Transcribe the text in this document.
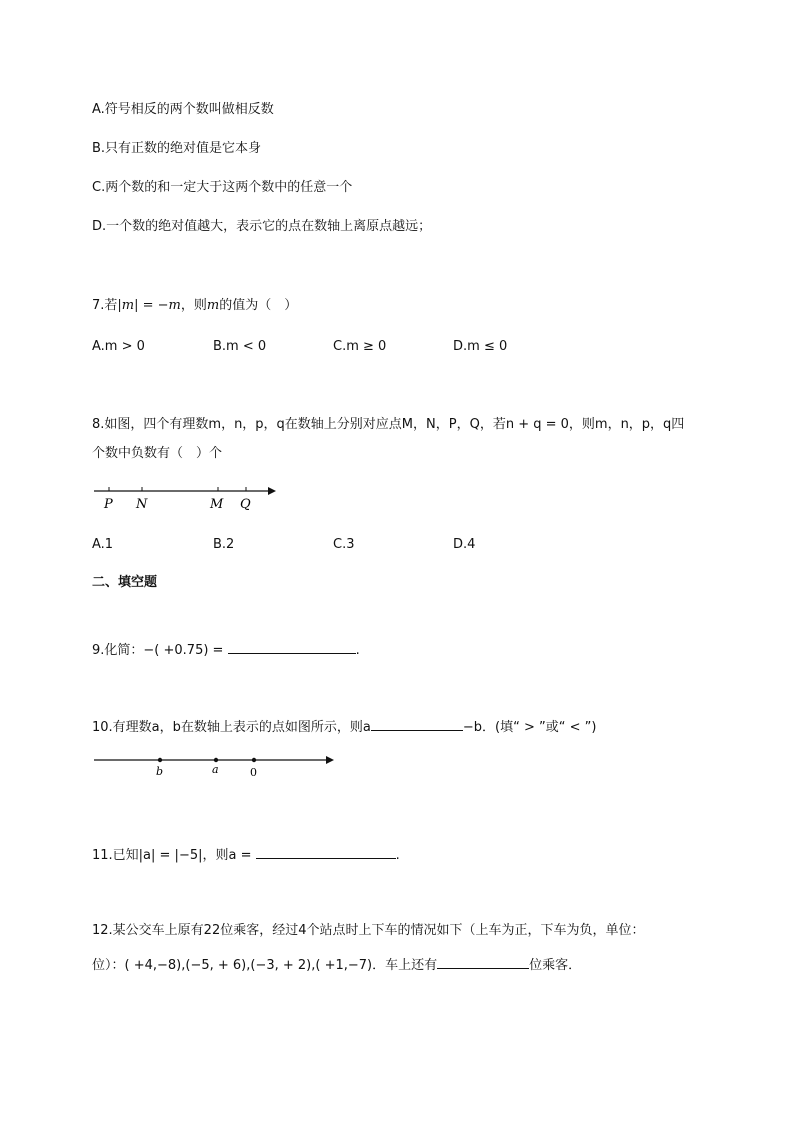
A.符号相反的两个数叫做相反数
B.只有正数的绝对值是它本身
C.两个数的和一定大于这两个数中的任意一个
D.一个数的绝对值越大，表示它的点在数轴上离原点越远；
7.若|m| = −m，则m的值为（　）
A.m > 0	B.m < 0	C.m ≥ 0	D.m ≤ 0
8.如图，四个有理数m，n，p，q在数轴上分别对应点M，N，P，Q，若n + q = 0，则m，n，p，q四
个数中负数有（　）个
P N	M Q
A.1	B.2	C.3	D.4
二、填空题
9.化简：−( +0.75) =	.
10.有理数a，b在数轴上表示的点如图所示，则a	−b．(填“ > ”或“ < ”)
b	a	0
11.已知|a| = |−5|，则a =	.
12.某公交车上原有22位乘客，经过4个站点时上下车的情况如下（上车为正，下车为负，单位：
位）：( +4,−8),(−5, + 6),(−3, + 2),( +1,−7)．车上还有	位乘客．
